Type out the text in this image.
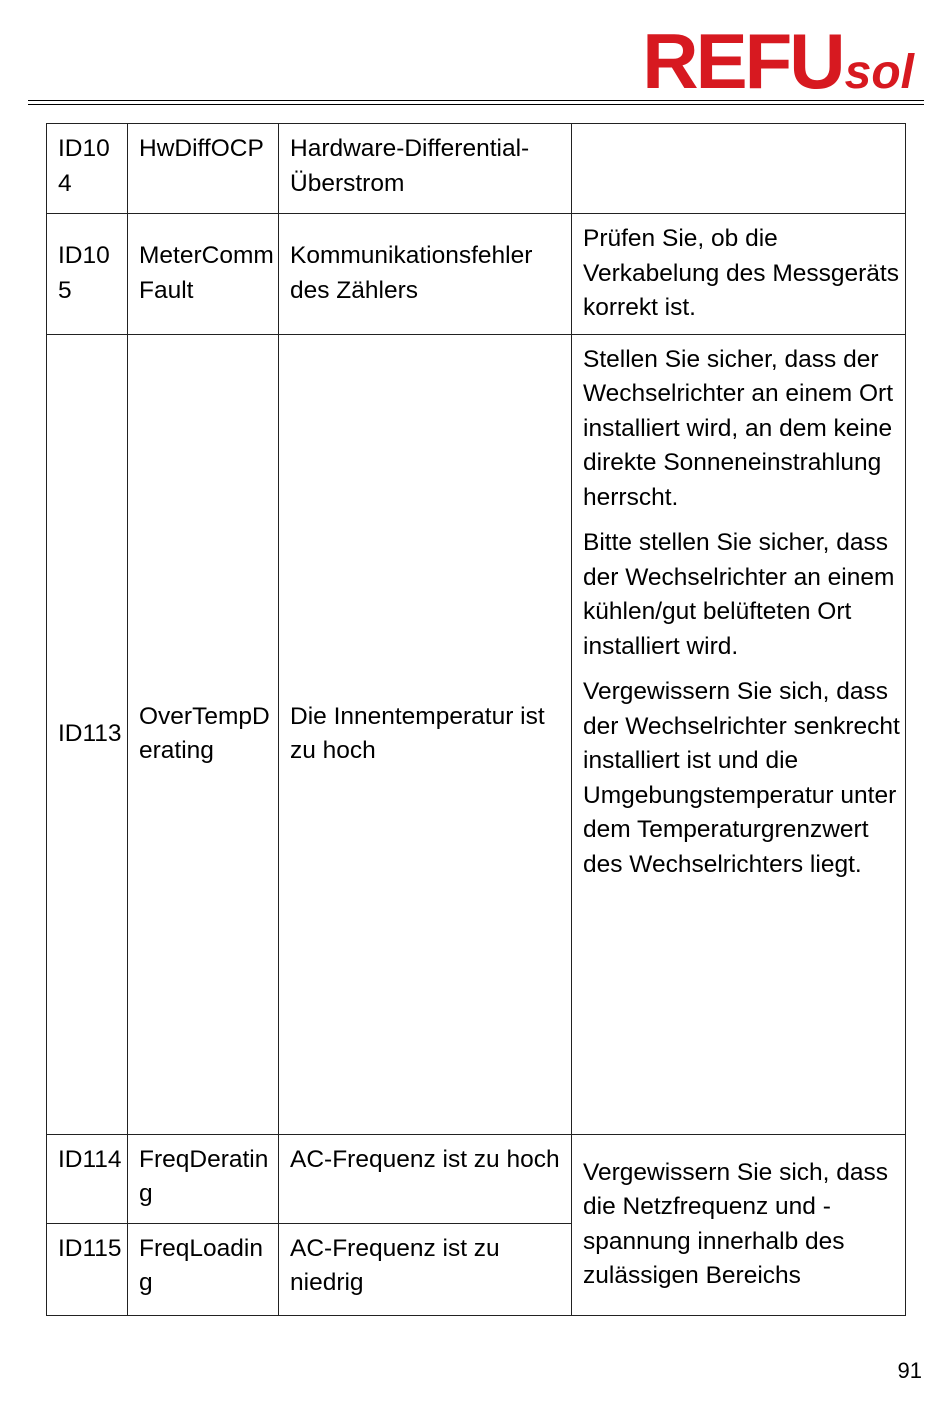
REFUsol
ID104	HwDiffOCP	Hardware-Differential-Überstrom	
ID105	MeterCommFault	Kommunikationsfehler des Zählers	Prüfen Sie, ob die Verkabelung des Messgeräts korrekt ist.

ID113	OverTempDerating	Die Innentemperatur ist zu hoch	Stellen Sie sicher, dass der Wechselrichter an einem Ort installiert wird, an dem keine direkte Sonneneinstrahlung herrscht.

Bitte stellen Sie sicher, dass der Wechselrichter an einem kühlen/gut belüfteten Ort installiert wird.

Vergewissern Sie sich, dass der Wechselrichter senkrecht installiert ist und die Umgebungstemperatur unter dem Temperaturgrenzwert des Wechselrichters liegt.

ID114	FreqDerating	AC-Frequenz ist zu hoch	Vergewissern Sie sich, dass die Netzfrequenz und -spannung innerhalb des zulässigen Bereichs

ID115	FreqLoading	AC-Frequenz ist zu niedrig	
91
